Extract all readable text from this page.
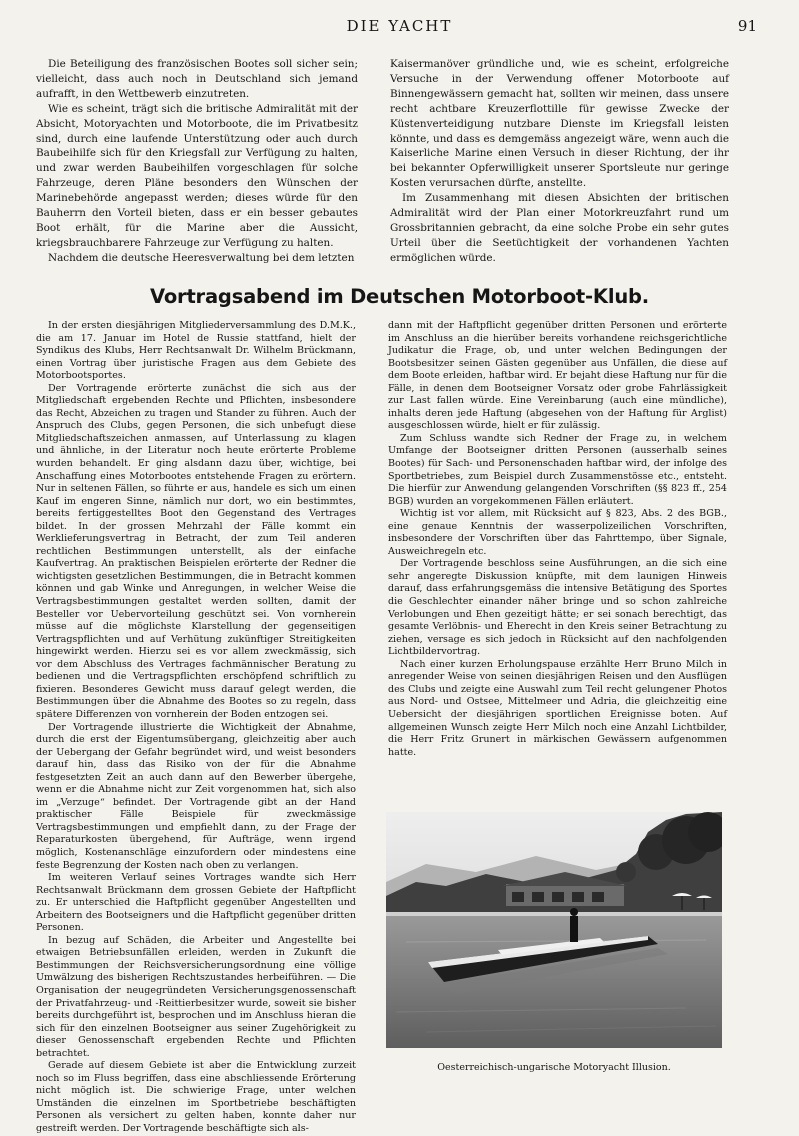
DIE YACHT	91

Die Beteiligung des französischen Bootes soll sicher sein; vielleicht, dass auch noch in Deutschland sich jemand aufrafft, in den Wettbewerb einzutreten.

Wie es scheint, trägt sich die britische Admiralität mit der Absicht, Motoryachten und Motorboote, die im Privatbesitz sind, durch eine laufende Unterstützung oder auch durch Baubeihilfe sich für den Kriegsfall zur Verfügung zu halten, und zwar werden Baubeihilfen vorgeschlagen für solche Fahrzeuge, deren Pläne besonders den Wünschen der Marinebehörde angepasst werden; dieses würde für den Bauherrn den Vorteil bieten, dass er ein besser gebautes Boot erhält, für die Marine aber die Aussicht, kriegsbrauchbarere Fahrzeuge zur Verfügung zu halten.

Nachdem die deutsche Heeresverwaltung bei dem letzten

Kaisermanöver gründliche und, wie es scheint, erfolgreiche Versuche in der Verwendung offener Motorboote auf Binnengewässern gemacht hat, sollten wir meinen, dass unsere recht achtbare Kreuzerflottille für gewisse Zwecke der Küstenverteidigung nutzbare Dienste im Kriegsfall leisten könnte, und dass es demgemäss angezeigt wäre, wenn auch die Kaiserliche Marine einen Versuch in dieser Richtung, der ihr bei bekannter Opferwilligkeit unserer Sportsleute nur geringe Kosten verursachen dürfte, anstellte.

Im Zusammenhang mit diesen Absichten der britischen Admiralität wird der Plan einer Motorkreuzfahrt rund um Grossbritannien gebracht, da eine solche Probe ein sehr gutes Urteil über die Seetüchtigkeit der vorhandenen Yachten ermöglichen würde.

Vortragsabend im Deutschen Motorboot-Klub.

In der ersten diesjährigen Mitgliederversammlung des D.M.K., die am 17. Januar im Hotel de Russie stattfand, hielt der Syndikus des Klubs, Herr Rechtsanwalt Dr. Wilhelm Brückmann, einen Vortrag über juristische Fragen aus dem Gebiete des Motorbootsportes.

Der Vortragende erörterte zunächst die sich aus der Mitgliedschaft ergebenden Rechte und Pflichten, insbesondere das Recht, Abzeichen zu tragen und Stander zu führen. Auch der Anspruch des Clubs, gegen Personen, die sich unbefugt diese Mitgliedschaftszeichen anmassen, auf Unterlassung zu klagen und ähnliche, in der Literatur noch heute erörterte Probleme wurden behandelt. Er ging alsdann dazu über, wichtige, bei Anschaffung eines Motorbootes entstehende Fragen zu erörtern. Nur in seltenen Fällen, so führte er aus, handele es sich um einen Kauf im engeren Sinne, nämlich nur dort, wo ein bestimmtes, bereits fertiggestelltes Boot den Gegenstand des Vertrages bildet. In der grossen Mehrzahl der Fälle kommt ein Werklieferungsvertrag in Betracht, der zum Teil anderen rechtlichen Bestimmungen unterstellt, als der einfache Kaufvertrag. An praktischen Beispielen erörterte der Redner die wichtigsten gesetzlichen Bestimmungen, die in Betracht kommen können und gab Winke und Anregungen, in welcher Weise die Vertragsbestimmungen gestaltet werden sollten, damit der Besteller vor Uebervorteilung geschützt sei. Von vornherein müsse auf die möglichste Klarstellung der gegenseitigen Vertragspflichten und auf Verhütung zukünftiger Streitigkeiten hingewirkt werden. Hierzu sei es vor allem zweckmässig, sich vor dem Abschluss des Vertrages fachmännischer Beratung zu bedienen und die Vertragspflichten erschöpfend schriftlich zu fixieren. Besonderes Gewicht muss darauf gelegt werden, die Bestimmungen über die Abnahme des Bootes so zu regeln, dass spätere Differenzen von vornherein der Boden entzogen sei.

Der Vortragende illustrierte die Wichtigkeit der Abnahme, durch die erst der Eigentumsübergang, gleichzeitig aber auch der Uebergang der Gefahr begründet wird, und weist besonders darauf hin, dass das Risiko von der für die Abnahme festgesetzten Zeit an auch dann auf den Bewerber übergehe, wenn er die Abnahme nicht zur Zeit vorgenommen hat, sich also im „Verzuge“ befindet. Der Vortragende gibt an der Hand praktischer Fälle Beispiele für zweckmässige Vertragsbestimmungen und empfiehlt dann, zu der Frage der Reparaturkosten übergehend, für Aufträge, wenn irgend möglich, Kostenanschläge einzufordern oder mindestens eine feste Begrenzung der Kosten nach oben zu verlangen.

Im weiteren Verlauf seines Vortrages wandte sich Herr Rechtsanwalt Brückmann dem grossen Gebiete der Haftpflicht zu. Er unterschied die Haftpflicht gegenüber Angestellten und Arbeitern des Bootseigners und die Haftpflicht gegenüber dritten Personen.

In bezug auf Schäden, die Arbeiter und Angestellte bei etwaigen Betriebsunfällen erleiden, werden in Zukunft die Bestimmungen der Reichsversicherungsordnung eine völlige Umwälzung des bisherigen Rechtszustandes herbeiführen. — Die Organisation der neugegründeten Versicherungsgenossenschaft der Privatfahrzeug- und -Reittierbesitzer wurde, soweit sie bisher bereits durchgeführt ist, besprochen und im Anschluss hieran die sich für den einzelnen Bootseigner aus seiner Zugehörigkeit zu dieser Genossenschaft ergebenden Rechte und Pflichten betrachtet.

Gerade auf diesem Gebiete ist aber die Entwicklung zurzeit noch so im Fluss begriffen, dass eine abschliessende Erörterung nicht möglich ist. Die schwierige Frage, unter welchen Umständen die einzelnen im Sportbetriebe beschäftigten Personen als versichert zu gelten haben, konnte daher nur gestreift werden. Der Vortragende beschäftigte sich als-

dann mit der Haftpflicht gegenüber dritten Personen und erörterte im Anschluss an die hierüber bereits vorhandene reichsgerichtliche Judikatur die Frage, ob, und unter welchen Bedingungen der Bootsbesitzer seinen Gästen gegenüber aus Unfällen, die diese auf dem Boote erleiden, haftbar wird. Er bejaht diese Haftung nur für die Fälle, in denen dem Bootseigner Vorsatz oder grobe Fahrlässigkeit zur Last fallen würde. Eine Vereinbarung (auch eine mündliche), inhalts deren jede Haftung (abgesehen von der Haftung für Arglist) ausgeschlossen würde, hielt er für zulässig.

Zum Schluss wandte sich Redner der Frage zu, in welchem Umfange der Bootseigner dritten Personen (ausserhalb seines Bootes) für Sach- und Personenschaden haftbar wird, der infolge des Sportbetriebes, zum Beispiel durch Zusammenstösse etc., entsteht. Die hierfür zur Anwendung gelangenden Vorschriften (§§ 823 ff., 254 BGB) wurden an vorgekommenen Fällen erläutert.

Wichtig ist vor allem, mit Rücksicht auf § 823, Abs. 2 des BGB., eine genaue Kenntnis der wasserpolizeilichen Vorschriften, insbesondere der Vorschriften über das Fahrttempo, über Signale, Ausweichregeln etc.

Der Vortragende beschloss seine Ausführungen, an die sich eine sehr angeregte Diskussion knüpfte, mit dem launigen Hinweis darauf, dass erfahrungsgemäss die intensive Betätigung des Sportes die Geschlechter einander näher bringe und so schon zahlreiche Verlobungen und Ehen gezeitigt hätte; er sei sonach berechtigt, das gesamte Verlöbnis- und Eherecht in den Kreis seiner Betrachtung zu ziehen, versage es sich jedoch in Rücksicht auf den nachfolgenden Lichtbildervortrag.

Nach einer kurzen Erholungspause erzählte Herr Bruno Milch in anregender Weise von seinen diesjährigen Reisen und den Ausflügen des Clubs und zeigte eine Auswahl zum Teil recht gelungener Photos aus Nord- und Ostsee, Mittelmeer und Adria, die gleichzeitig eine Uebersicht der diesjährigen sportlichen Ereignisse boten. Auf allgemeinen Wunsch zeigte Herr Milch noch eine Anzahl Lichtbilder, die Herr Fritz Grunert in märkischen Gewässern aufgenommen hatte.

Oesterreichisch-ungarische Motoryacht Illusion.
